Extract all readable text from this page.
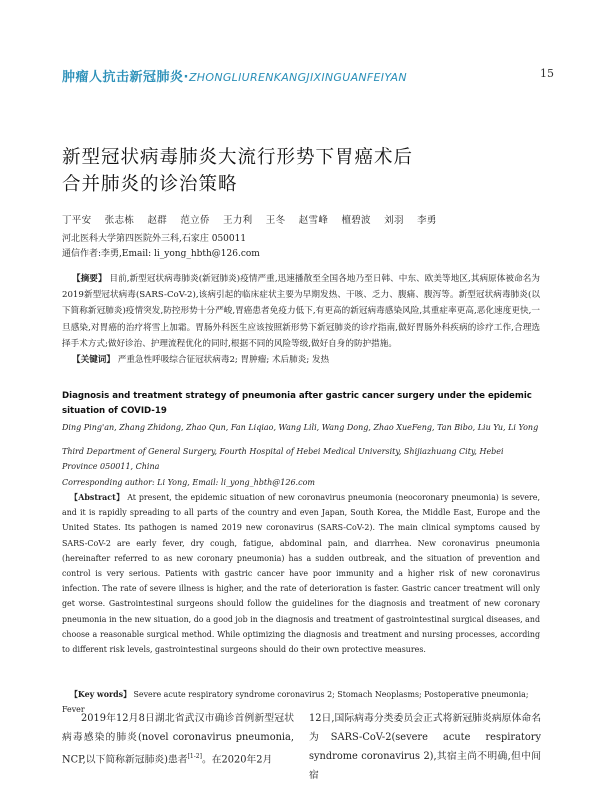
肿瘤人抗击新冠肺炎·ZHONGLIURENKANGJIXINGUANFEIYAN	15
新型冠状病毒肺炎大流行形势下胃癌术后
合并肺炎的诊治策略
丁平安 张志栋 赵群 范立侨 王力利 王冬 赵雪峰 檀碧波 刘羽 李勇
河北医科大学第四医院外三科,石家庄 050011
通信作者:李勇,Email: li_yong_hbth@126.com
【摘要】 目前,新型冠状病毒肺炎(新冠肺炎)疫情严重,迅速播散至全国各地乃至日韩、中东、欧美等地区,其病原体被命名为2019新型冠状病毒(SARS-CoV-2),该病引起的临床症状主要为早期发热、干咳、乏力、腹痛、腹泻等。新型冠状病毒肺炎(以下简称新冠肺炎)疫情突发,防控形势十分严峻,胃癌患者免疫力低下,有更高的新冠病毒感染风险,其重症率更高,恶化速度更快,一旦感染,对胃癌的治疗将雪上加霜。胃肠外科医生应该按照新形势下新冠肺炎的诊疗指南,做好胃肠外科疾病的诊疗工作,合理选择手术方式;做好诊治、护理流程优化的同时,根据不同的风险等级,做好自身的防护措施。
【关键词】 严重急性呼吸综合征冠状病毒2; 胃肿瘤; 术后肺炎; 发热
Diagnosis and treatment strategy of pneumonia after gastric cancer surgery under the epidemic situation of COVID-19
Ding Ping'an, Zhang Zhidong, Zhao Qun, Fan Liqiao, Wang Lili, Wang Dong, Zhao XueFeng, Tan Bibo, Liu Yu, Li Yong
Third Department of General Surgery, Fourth Hospital of Hebei Medical University, Shijiazhuang City, Hebei Province 050011, China
Corresponding author: Li Yong, Email: li_yong_hbth@126.com
【Abstract】 At present, the epidemic situation of new coronavirus pneumonia (neocoronary pneumonia) is severe, and it is rapidly spreading to all parts of the country and even Japan, South Korea, the Middle East, Europe and the United States. Its pathogen is named 2019 new coronavirus (SARS-CoV-2). The main clinical symptoms caused by SARS-CoV-2 are early fever, dry cough, fatigue, abdominal pain, and diarrhea. New coronavirus pneumonia (hereinafter referred to as new coronary pneumonia) has a sudden outbreak, and the situation of prevention and control is very serious. Patients with gastric cancer have poor immunity and a higher risk of new coronavirus infection. The rate of severe illness is higher, and the rate of deterioration is faster. Gastric cancer treatment will only get worse. Gastrointestinal surgeons should follow the guidelines for the diagnosis and treatment of new coronary pneumonia in the new situation, do a good job in the diagnosis and treatment of gastrointestinal surgical diseases, and choose a reasonable surgical method. While optimizing the diagnosis and treatment and nursing processes, according to different risk levels, gastrointestinal surgeons should do their own protective measures.
【Key words】 Severe acute respiratory syndrome coronavirus 2; Stomach Neoplasms; Postoperative pneumonia; Fever
2019年12月8日湖北省武汉市确诊首例新型冠状病毒感染的肺炎(novel coronavirus pneumonia, NCP,以下简称新冠肺炎)患者[1-2]。在2020年2月
12日,国际病毒分类委员会正式将新冠肺炎病原体命名为SARS-CoV-2(severe acute respiratory syndrome coronavirus 2),其宿主尚不明确,但中间宿
